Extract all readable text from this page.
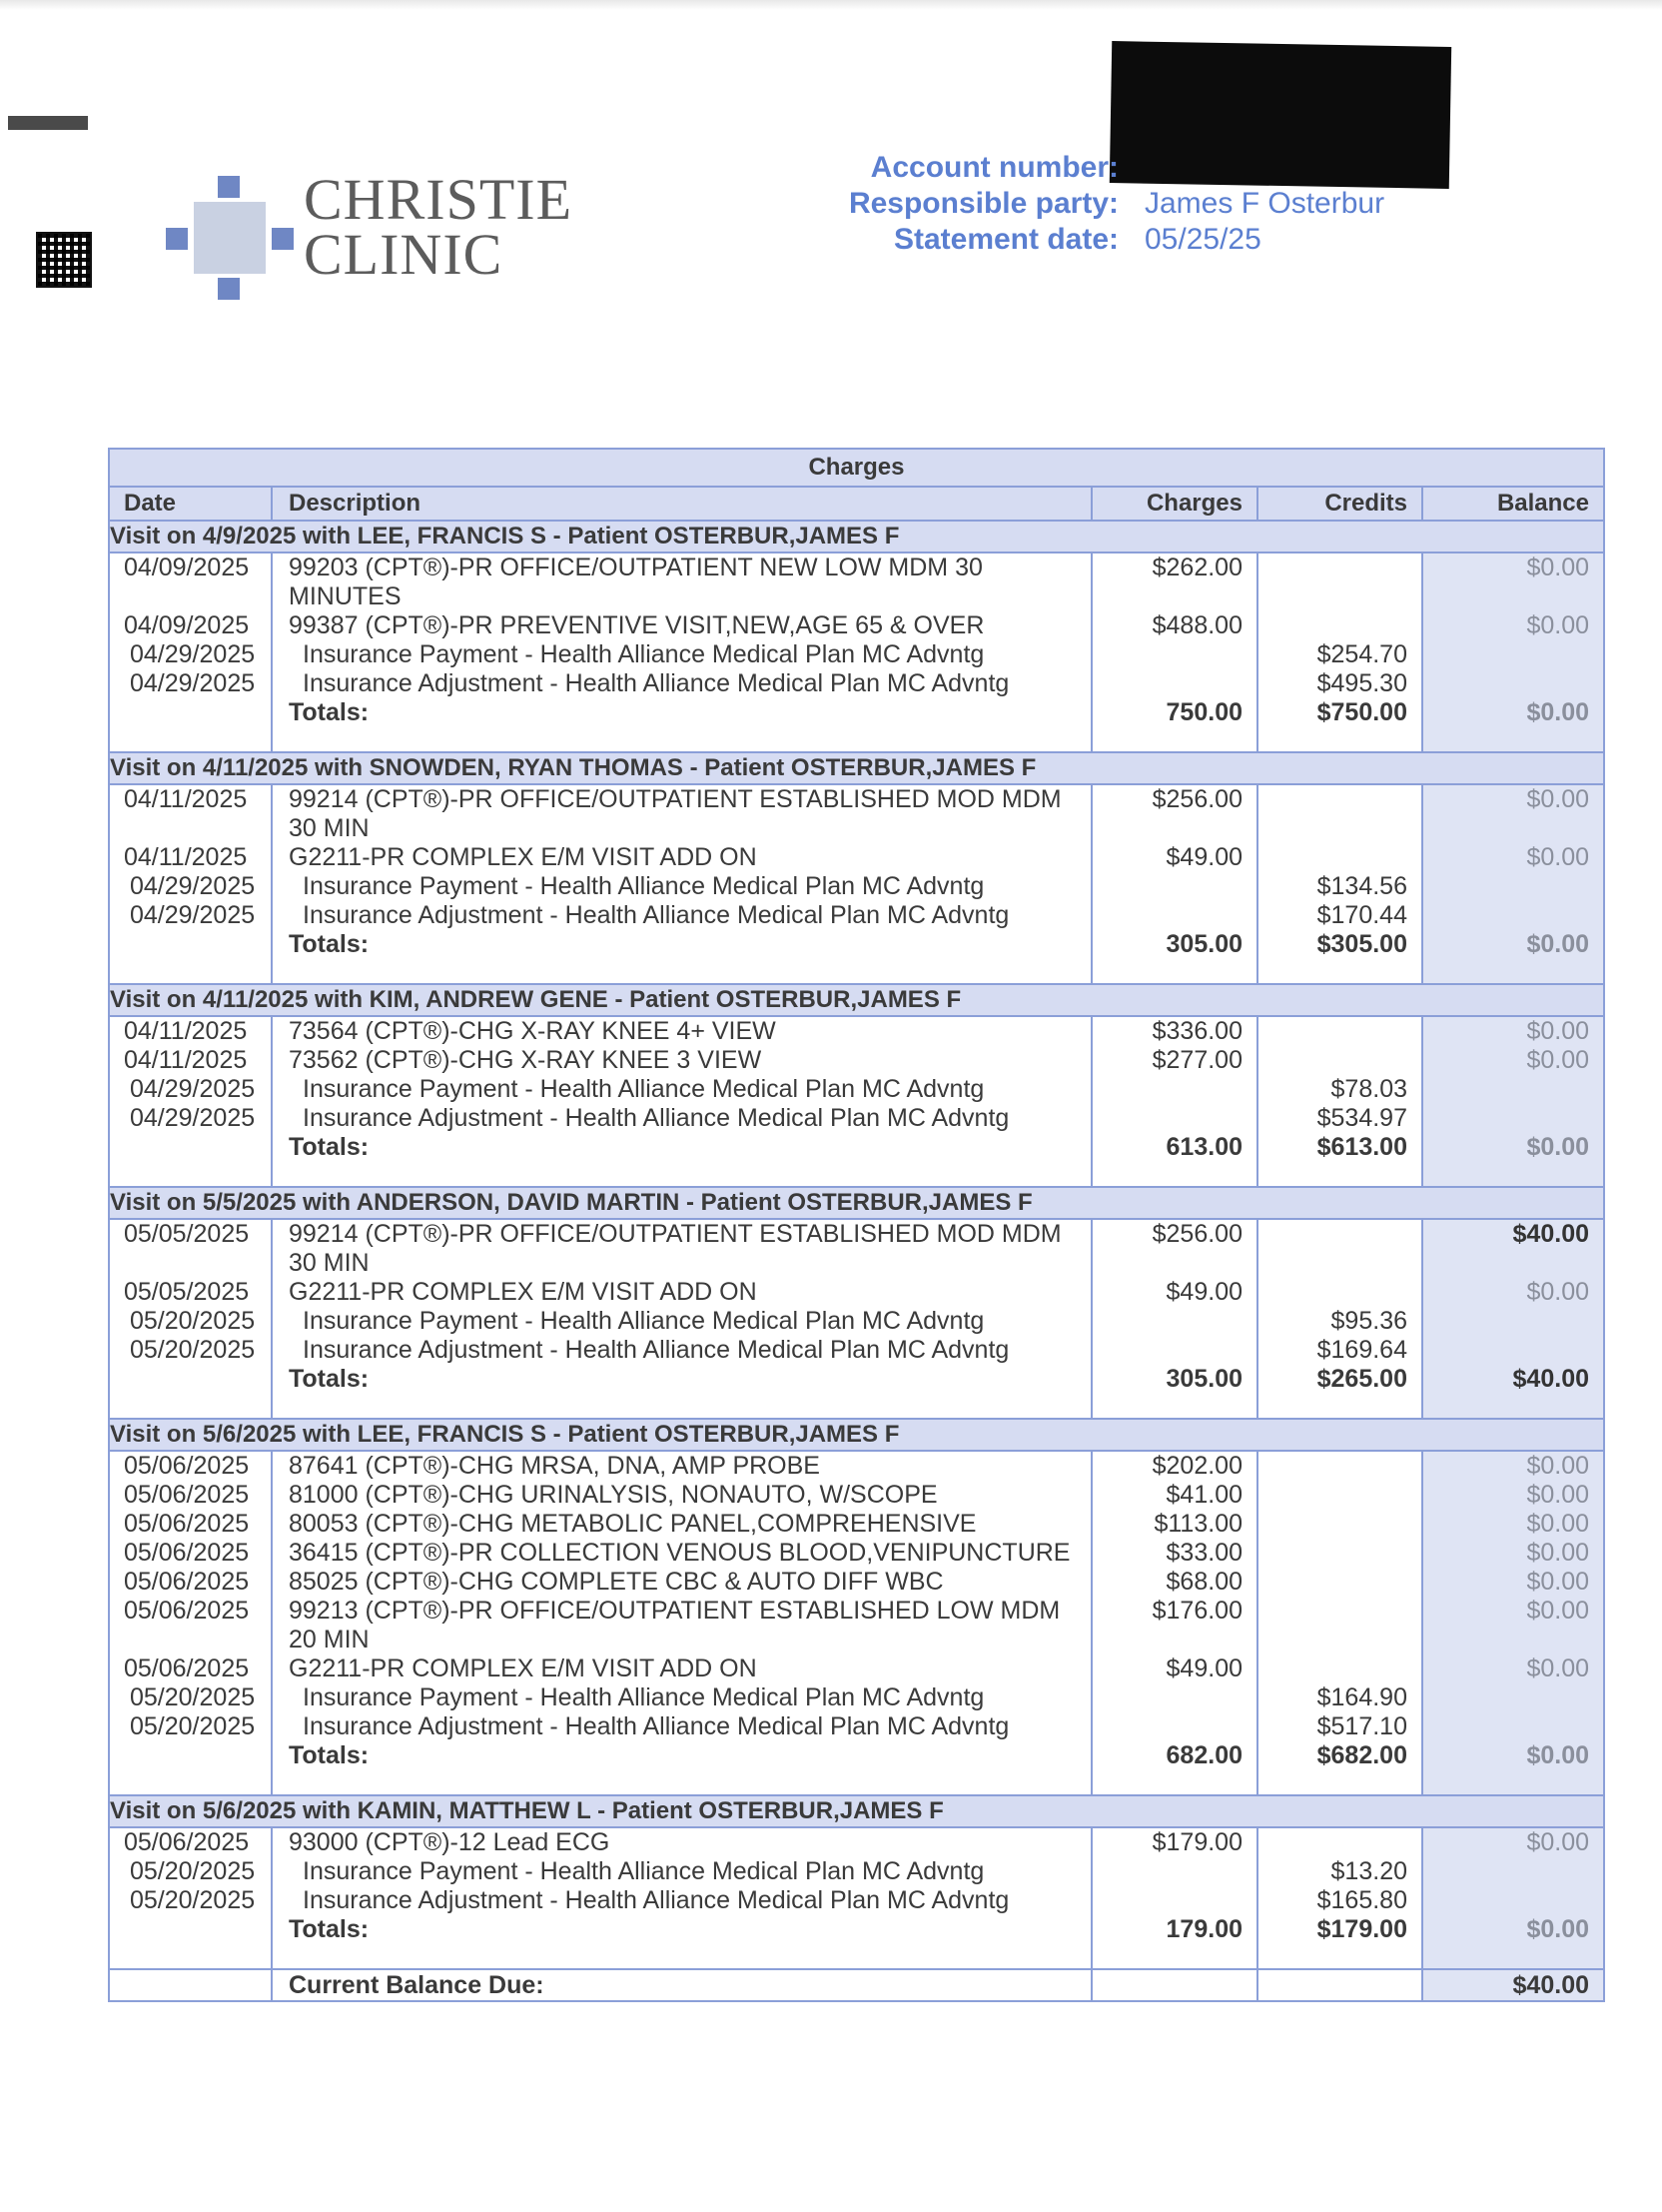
CHRISTIE
CLINIC
Account number:
Responsible party: James F Osterbur
Statement date: 05/25/25
Charges				
Date	Description	Charges	Credits	Balance
Visit on 4/9/2025 with LEE, FRANCIS S - Patient OSTERBUR,JAMES F				
04/09/2025	99203 (CPT®)-PR OFFICE/OUTPATIENT NEW LOW MDM 30 MINUTES	$262.00		$0.00
04/09/2025	99387 (CPT®)-PR PREVENTIVE VISIT,NEW,AGE 65 & OVER	$488.00		$0.00
04/29/2025	Insurance Payment - Health Alliance Medical Plan MC Advntg		$254.70	
04/29/2025	Insurance Adjustment - Health Alliance Medical Plan MC Advntg		$495.30	
	Totals:	750.00	$750.00	$0.00

Visit on 4/11/2025 with SNOWDEN, RYAN THOMAS - Patient OSTERBUR,JAMES F				
04/11/2025	99214 (CPT®)-PR OFFICE/OUTPATIENT ESTABLISHED MOD MDM 30 MIN	$256.00		$0.00
04/11/2025	G2211-PR COMPLEX E/M VISIT ADD ON	$49.00		$0.00
04/29/2025	Insurance Payment - Health Alliance Medical Plan MC Advntg		$134.56	
04/29/2025	Insurance Adjustment - Health Alliance Medical Plan MC Advntg		$170.44	
	Totals:	305.00	$305.00	$0.00

Visit on 4/11/2025 with KIM, ANDREW GENE - Patient OSTERBUR,JAMES F				
04/11/2025	73564 (CPT®)-CHG X-RAY KNEE 4+ VIEW	$336.00		$0.00
04/11/2025	73562 (CPT®)-CHG X-RAY KNEE 3 VIEW	$277.00		$0.00
04/29/2025	Insurance Payment - Health Alliance Medical Plan MC Advntg		$78.03	
04/29/2025	Insurance Adjustment - Health Alliance Medical Plan MC Advntg		$534.97	
	Totals:	613.00	$613.00	$0.00

Visit on 5/5/2025 with ANDERSON, DAVID MARTIN - Patient OSTERBUR,JAMES F				
05/05/2025	99214 (CPT®)-PR OFFICE/OUTPATIENT ESTABLISHED MOD MDM 30 MIN	$256.00		$40.00
05/05/2025	G2211-PR COMPLEX E/M VISIT ADD ON	$49.00		$0.00
05/20/2025	Insurance Payment - Health Alliance Medical Plan MC Advntg		$95.36	
05/20/2025	Insurance Adjustment - Health Alliance Medical Plan MC Advntg		$169.64	
	Totals:	305.00	$265.00	$40.00

Visit on 5/6/2025 with LEE, FRANCIS S - Patient OSTERBUR,JAMES F				
05/06/2025	87641 (CPT®)-CHG MRSA, DNA, AMP PROBE	$202.00		$0.00
05/06/2025	81000 (CPT®)-CHG URINALYSIS, NONAUTO, W/SCOPE	$41.00		$0.00
05/06/2025	80053 (CPT®)-CHG METABOLIC PANEL,COMPREHENSIVE	$113.00		$0.00
05/06/2025	36415 (CPT®)-PR COLLECTION VENOUS BLOOD,VENIPUNCTURE	$33.00		$0.00
05/06/2025	85025 (CPT®)-CHG COMPLETE CBC & AUTO DIFF WBC	$68.00		$0.00
05/06/2025	99213 (CPT®)-PR OFFICE/OUTPATIENT ESTABLISHED LOW MDM 20 MIN	$176.00		$0.00
05/06/2025	G2211-PR COMPLEX E/M VISIT ADD ON	$49.00		$0.00
05/20/2025	Insurance Payment - Health Alliance Medical Plan MC Advntg		$164.90	
05/20/2025	Insurance Adjustment - Health Alliance Medical Plan MC Advntg		$517.10	
	Totals:	682.00	$682.00	$0.00

Visit on 5/6/2025 with KAMIN, MATTHEW L - Patient OSTERBUR,JAMES F				
05/06/2025	93000 (CPT®)-12 Lead ECG	$179.00		$0.00
05/20/2025	Insurance Payment - Health Alliance Medical Plan MC Advntg		$13.20	
05/20/2025	Insurance Adjustment - Health Alliance Medical Plan MC Advntg		$165.80	
	Totals:	179.00	$179.00	$0.00

	Current Balance Due:			$40.00
